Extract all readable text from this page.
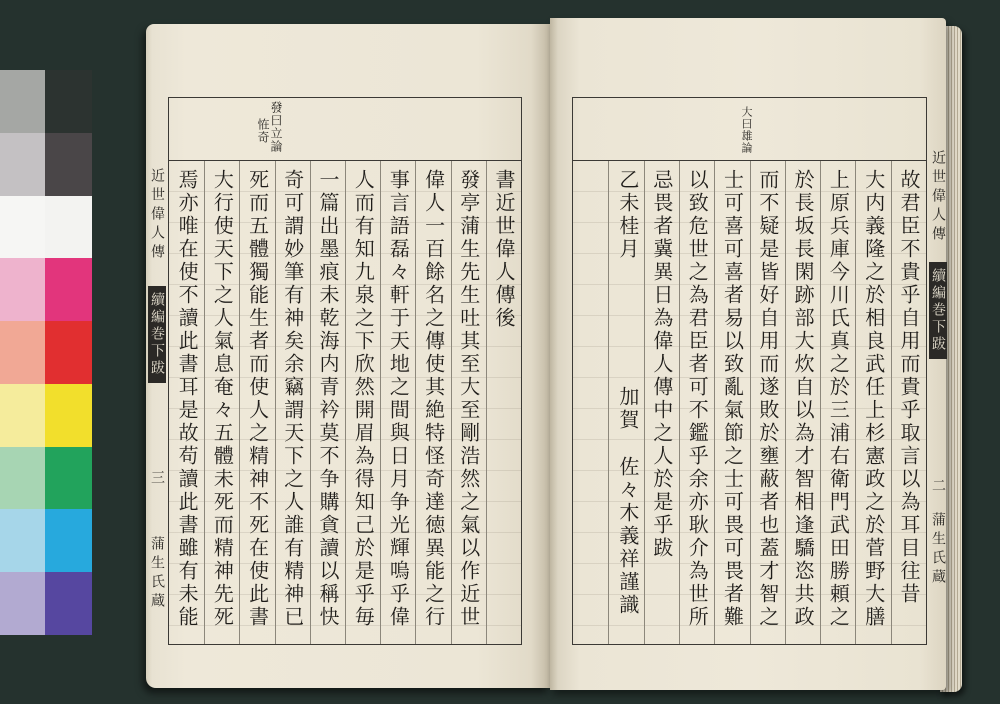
發曰立論
恠奇
書近世偉人傳後
發亭蒲生先生吐其至大至剛浩然之氣以作近世
偉人一百餘名之傳使其絶特怪奇達徳異能之行
事言語磊々軒于天地之間與日月争光輝嗚乎偉
人而有知九泉之下欣然開眉為得知己於是乎毎
一篇出墨痕未乾海内青衿莫不争購貪讀以稱快
奇可謂妙筆有神矣余竊謂天下之人誰有精神已
死而五體獨能生者而使人之精神不死在使此書
大行使天下之人氣息奄々五體未死而精神先死
焉亦唯在使不讀此書耳是故苟讀此書雖有未能
大曰雄論
故君臣不貴乎自用而貴乎取言以為耳目往昔
大内義隆之於相良武任上杉憲政之於菅野大膳
上原兵庫今川氏真之於三浦右衛門武田勝頼之
於長坂長閑跡部大炊自以為才智相逢驕恣共政
而不疑是皆好自用而遂敗於壅蔽者也蓋才智之
士可喜可喜者易以致亂氣節之士可畏可畏者難
以致危世之為君臣者可不鑑乎余亦耿介為世所
忌畏者冀異日為偉人傳中之人於是乎跋
乙未桂月
加賀
佐々木義祥謹識
近世偉人傳
續編巻下跋
三
蒲生氏蔵
近世偉人傳
續編巻下跋
二
蒲生氏蔵
